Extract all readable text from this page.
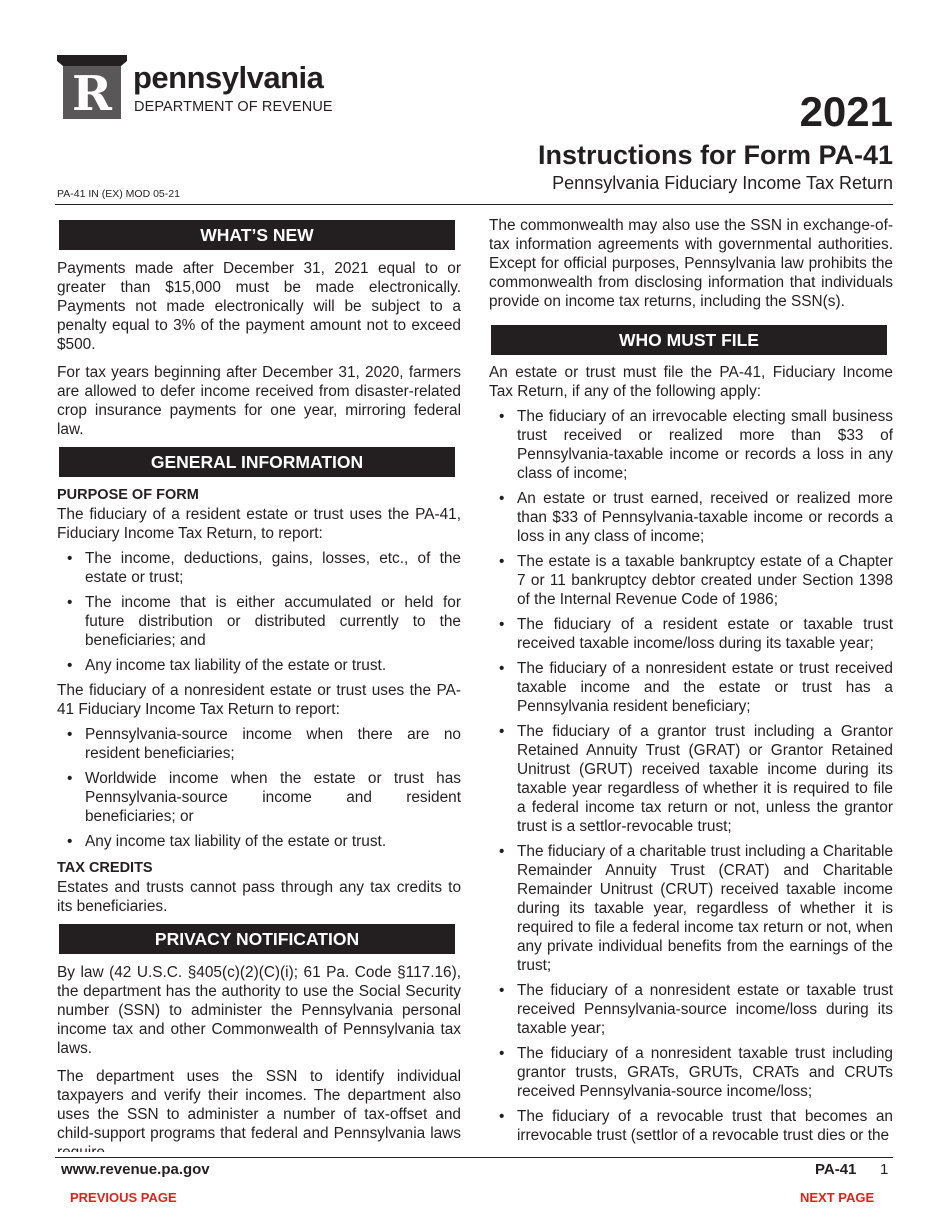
R pennsylvania
DEPARTMENT OF REVENUE	2021
Instructions for Form PA-41
Pennsylvania Fiduciary Income Tax Return
PA-41 IN (EX) MOD 05-21
WHAT’S NEW

Payments made after December 31, 2021 equal to or greater than $15,000 must be made electronically. Payments not made electronically will be subject to a penalty equal to 3% of the payment amount not to exceed $500.

For tax years beginning after December 31, 2020, farmers are allowed to defer income received from disaster-related crop insurance payments for one year, mirroring federal law.

GENERAL INFORMATION

PURPOSE OF FORM

The fiduciary of a resident estate or trust uses the PA-41, Fiduciary Income Tax Return, to report:

• The income, deductions, gains, losses, etc., of the estate or trust;
• The income that is either accumulated or held for future distribution or distributed currently to the beneficiaries; and
• Any income tax liability of the estate or trust.

The fiduciary of a nonresident estate or trust uses the PA-41 Fiduciary Income Tax Return to report:

• Pennsylvania-source income when there are no resident beneficiaries;
• Worldwide income when the estate or trust has Pennsylvania-source income and resident beneficiaries; or
• Any income tax liability of the estate or trust.

TAX CREDITS

Estates and trusts cannot pass through any tax credits to its beneficiaries.

PRIVACY NOTIFICATION

By law (42 U.S.C. §405(c)(2)(C)(i); 61 Pa. Code §117.16), the department has the authority to use the Social Security number (SSN) to administer the Pennsylvania personal income tax and other Commonwealth of Pennsylvania tax laws.

The department uses the SSN to identify individual taxpayers and verify their incomes. The department also uses the SSN to administer a number of tax-offset and child-support programs that federal and Pennsylvania laws

The commonwealth may also use the SSN in exchange-of-tax information agreements with governmental authorities. Except for official purposes, Pennsylvania law prohibits the commonwealth from disclosing information that individuals provide on income tax returns, including the SSN(s).

WHO MUST FILE

An estate or trust must file the PA-41, Fiduciary Income Tax Return, if any of the following apply:

• The fiduciary of an irrevocable electing small business trust received or realized more than $33 of Pennsylvania-taxable income or records a loss in any class of income;
• An estate or trust earned, received or realized more than $33 of Pennsylvania-taxable income or records a loss in any class of income;
• The estate is a taxable bankruptcy estate of a Chapter 7 or 11 bankruptcy debtor created under Section 1398 of the Internal Revenue Code of 1986;
• The fiduciary of a resident estate or taxable trust received taxable income/loss during its taxable year;
• The fiduciary of a nonresident estate or trust received taxable income and the estate or trust has a Pennsylvania resident beneficiary;
• The fiduciary of a grantor trust including a Grantor Retained Annuity Trust (GRAT) or Grantor Retained Unitrust (GRUT) received taxable income during its taxable year regardless of whether it is required to file a federal income tax return or not, unless the grantor trust is a settlor-revocable trust;
• The fiduciary of a charitable trust including a Charitable Remainder Annuity Trust (CRAT) and Charitable Remainder Unitrust (CRUT) received taxable income during its taxable year, regardless of whether it is required to file a federal income tax return or not, when any private individual benefits from the earnings of the trust;
• The fiduciary of a nonresident estate or taxable trust received Pennsylvania-source income/loss during its taxable year;
• The fiduciary of a nonresident taxable trust including grantor trusts, GRATs, GRUTs, CRATs and CRUTs received Pennsylvania-source income/loss;
• The fiduciary of a revocable trust that becomes an irrevocable trust (settlor of a revocable trust dies or the
www.revenue.pa.gov	PA-41 1
PREVIOUS PAGE	NEXT PAGE
